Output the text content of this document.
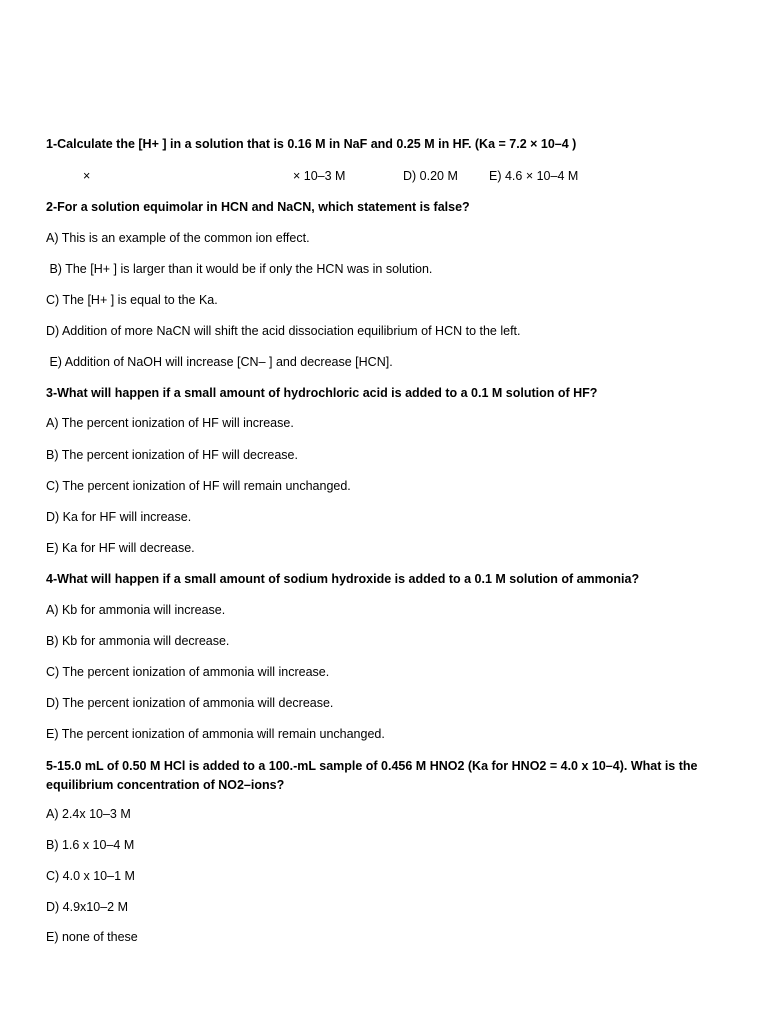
1-Calculate the [H+ ] in a solution that is 0.16 M in NaF and 0.25 M in HF. (Ka = 7.2 × 10–4 )
×	× 10–3 M	D) 0.20 M E) 4.6 × 10–4 M
2-For a solution equimolar in HCN and NaCN, which statement is false?
A) This is an example of the common ion effect.
B) The [H+ ] is larger than it would be if only the HCN was in solution.
C) The [H+ ] is equal to the Ka.
D) Addition of more NaCN will shift the acid dissociation equilibrium of HCN to the left.
E) Addition of NaOH will increase [CN– ] and decrease [HCN].
3-What will happen if a small amount of hydrochloric acid is added to a 0.1 M solution of HF?
A) The percent ionization of HF will increase.
B) The percent ionization of HF will decrease.
C) The percent ionization of HF will remain unchanged.
D) Ka for HF will increase.
E) Ka for HF will decrease.
4-What will happen if a small amount of sodium hydroxide is added to a 0.1 M solution of ammonia?
A) Kb for ammonia will increase.
B) Kb for ammonia will decrease.
C) The percent ionization of ammonia will increase.
D) The percent ionization of ammonia will decrease.
E) The percent ionization of ammonia will remain unchanged.
5-15.0 mL of 0.50 M HCl is added to a 100.-mL sample of 0.456 M HNO2 (Ka for HNO2 = 4.0 x 10–4). What is the equilibrium concentration of NO2–ions?
A) 2.4x 10–3 M
B) 1.6 x 10–4 M
C) 4.0 x 10–1 M
D) 4.9x10–2 M
E) none of these
